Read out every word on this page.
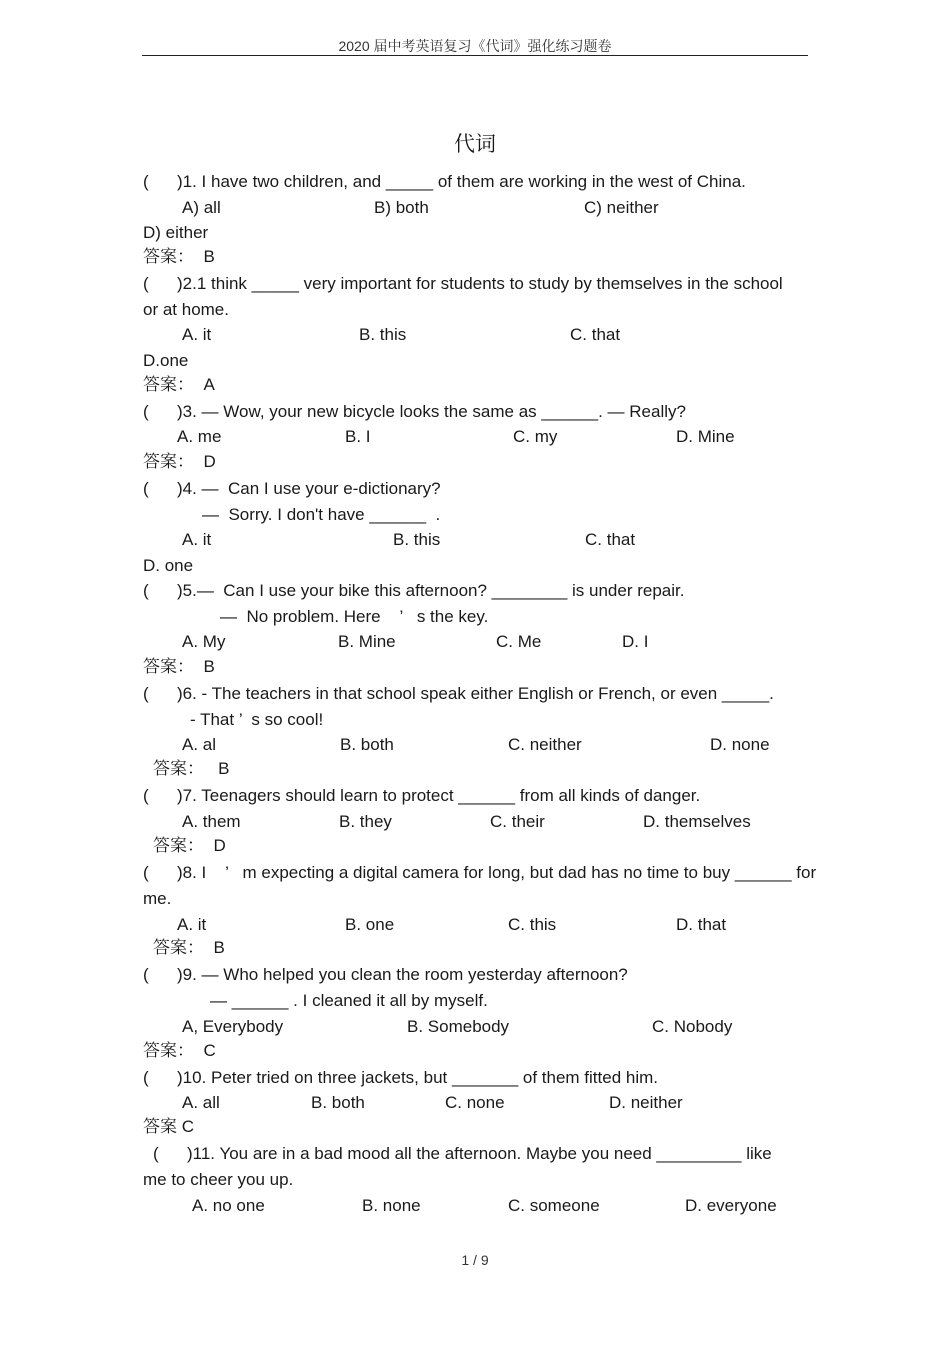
2020 届中考英语复习《代词》强化练习题卷
代词
(      )1. I have two children, and _____ of them are working in the west of China.
A) all	B) both	C) neither
D) either
答案：  B
(      )2.1 think _____ very important for students to study by themselves in the school
or at home.
A. it	B. this	C. that
D.one
答案：  A
(      )3. — Wow, your new bicycle looks the same as ______. — Really?
A. me	B. I	C. my	D. Mine
答案：  D
(      )4. —  Can I use your e-dictionary?
—  Sorry. I don't have ______  .
A. it	B. this	C. that
D. one
(      )5.—  Can I use your bike this afternoon? ________ is under repair.
—  No problem. Here    ’   s the key.
A. My	B. Mine	C. Me	D. I
答案：  B
(      )6. - The teachers in that school speak either English or French, or even _____.
- That ’  s so cool!
A. al	B. both	C. neither	D. none
答案：   B
(      )7. Teenagers should learn to protect ______ from all kinds of danger.
A. them	B. they	C. their	D. themselves
答案：  D
(      )8. I    ’   m expecting a digital camera for long, but dad has no time to buy ______ for
me.
A. it	B. one	C. this	D. that
答案：  B
(      )9. — Who helped you clean the room yesterday afternoon?
— ______ . I cleaned it all by myself.
A, Everybody	B. Somebody	C. Nobody
答案：  C
(      )10. Peter tried on three jackets, but _______ of them fitted him.
A. all	B. both	C. none	D. neither
答案 C
(      )11. You are in a bad mood all the afternoon. Maybe you need _________ like
me to cheer you up.
A. no one	B. none	C. someone	D. everyone
1 / 9
